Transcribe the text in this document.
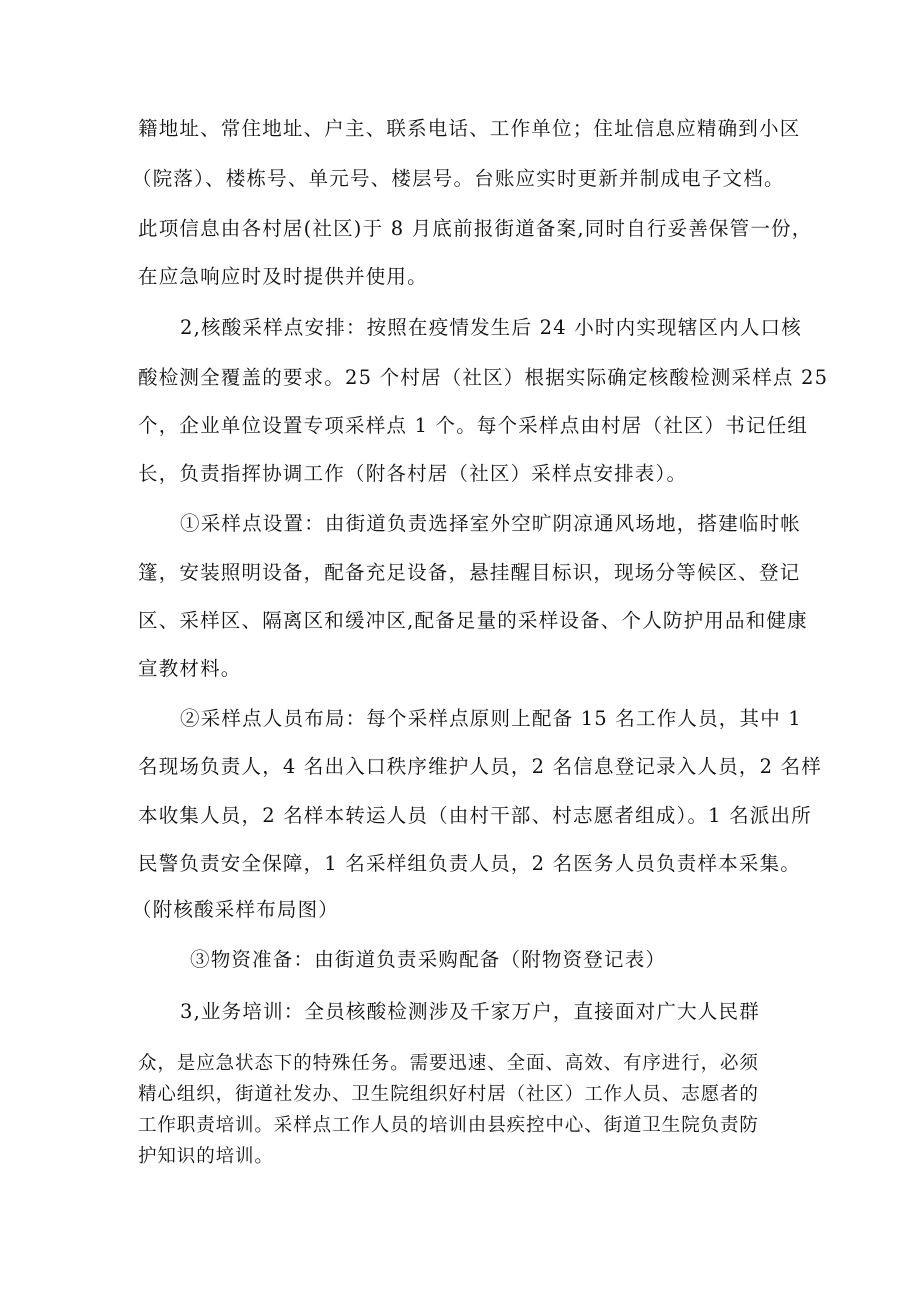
籍地址、常住地址、户主、联系电话、工作单位；住址信息应精确到小区
（院落）、楼栋号、单元号、楼层号。台账应实时更新并制成电子文档。
此项信息由各村居(社区)于 8 月底前报街道备案,同时自行妥善保管一份，
在应急响应时及时提供并使用。
2,核酸采样点安排：按照在疫情发生后 24 小时内实现辖区内人口核
酸检测全覆盖的要求。25 个村居（社区）根据实际确定核酸检测采样点 25
个，企业单位设置专项采样点 1 个。每个采样点由村居（社区）书记任组
长，负责指挥协调工作（附各村居（社区）采样点安排表）。
①采样点设置：由街道负责选择室外空旷阴凉通风场地，搭建临时帐
篷，安装照明设备，配备充足设备，悬挂醒目标识，现场分等候区、登记
区、采样区、隔离区和缓冲区,配备足量的采样设备、个人防护用品和健康
宣教材料。
②采样点人员布局：每个采样点原则上配备 15 名工作人员，其中 1
名现场负责人，4 名出入口秩序维护人员，2 名信息登记录入人员，2 名样
本收集人员，2 名样本转运人员（由村干部、村志愿者组成）。1 名派出所
民警负责安全保障，1 名采样组负责人员，2 名医务人员负责样本采集。
（附核酸采样布局图）
③物资准备：由街道负责采购配备（附物资登记表）
3,业务培训：全员核酸检测涉及千家万户，直接面对广大人民群
众，是应急状态下的特殊任务。需要迅速、全面、高效、有序进行，必须
精心组织，街道社发办、卫生院组织好村居（社区）工作人员、志愿者的
工作职责培训。采样点工作人员的培训由县疾控中心、街道卫生院负责防
护知识的培训。
